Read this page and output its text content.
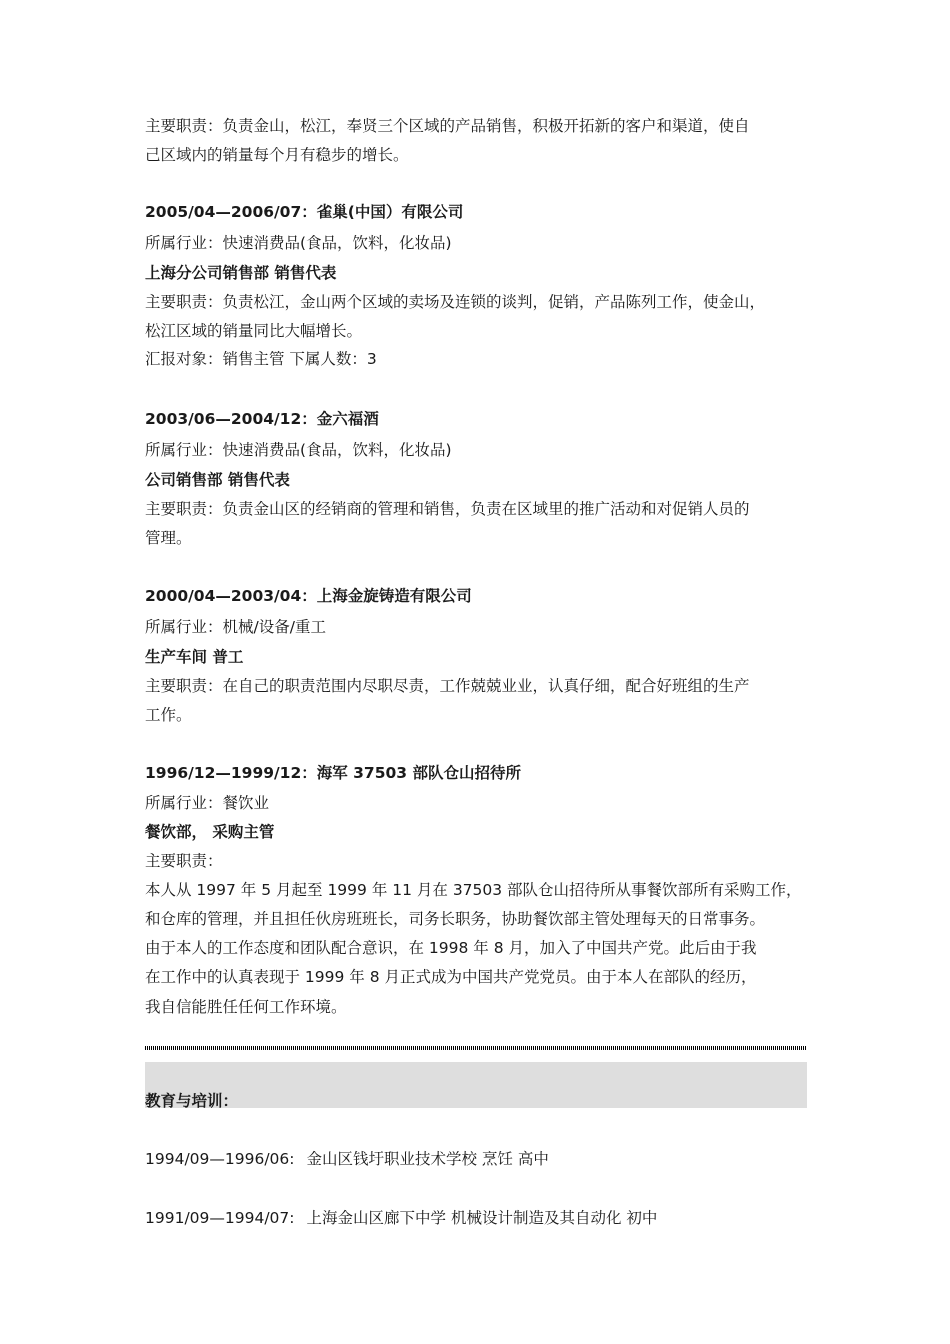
主要职责：负责金山，松江，奉贤三个区域的产品销售，积极开拓新的客户和渠道，使自
己区域内的销量每个月有稳步的增长。
2005/04—2006/07：雀巢(中国）有限公司
所属行业：快速消费品(食品，饮料，化妆品)
上海分公司销售部 销售代表
主要职责：负责松江，金山两个区域的卖场及连锁的谈判，促销，产品陈列工作，使金山，
松江区域的销量同比大幅增长。
汇报对象：销售主管 下属人数：3
2003/06—2004/12：金六福酒
所属行业：快速消费品(食品，饮料，化妆品)
公司销售部 销售代表
主要职责：负责金山区的经销商的管理和销售，负责在区域里的推广活动和对促销人员的
管理。
2000/04—2003/04：上海金旋铸造有限公司
所属行业：机械/设备/重工
生产车间 普工
主要职责：在自己的职责范围内尽职尽责，工作兢兢业业，认真仔细，配合好班组的生产
工作。
1996/12—1999/12：海军 37503 部队仓山招待所
所属行业：餐饮业
餐饮部， 采购主管
主要职责：
本人从 1997 年 5 月起至 1999 年 11 月在 37503 部队仓山招待所从事餐饮部所有采购工作，
和仓库的管理，并且担任伙房班班长，司务长职务，协助餐饮部主管处理每天的日常事务。
由于本人的工作态度和团队配合意识，在 1998 年 8 月，加入了中国共产党。此后由于我
在工作中的认真表现于 1999 年 8 月正式成为中国共产党党员。由于本人在部队的经历，
我自信能胜任任何工作环境。
教育与培训：
1994/09—1996/06: 金山区钱圩职业技术学校 烹饪 高中
1991/09—1994/07: 上海金山区廊下中学 机械设计制造及其自动化 初中
